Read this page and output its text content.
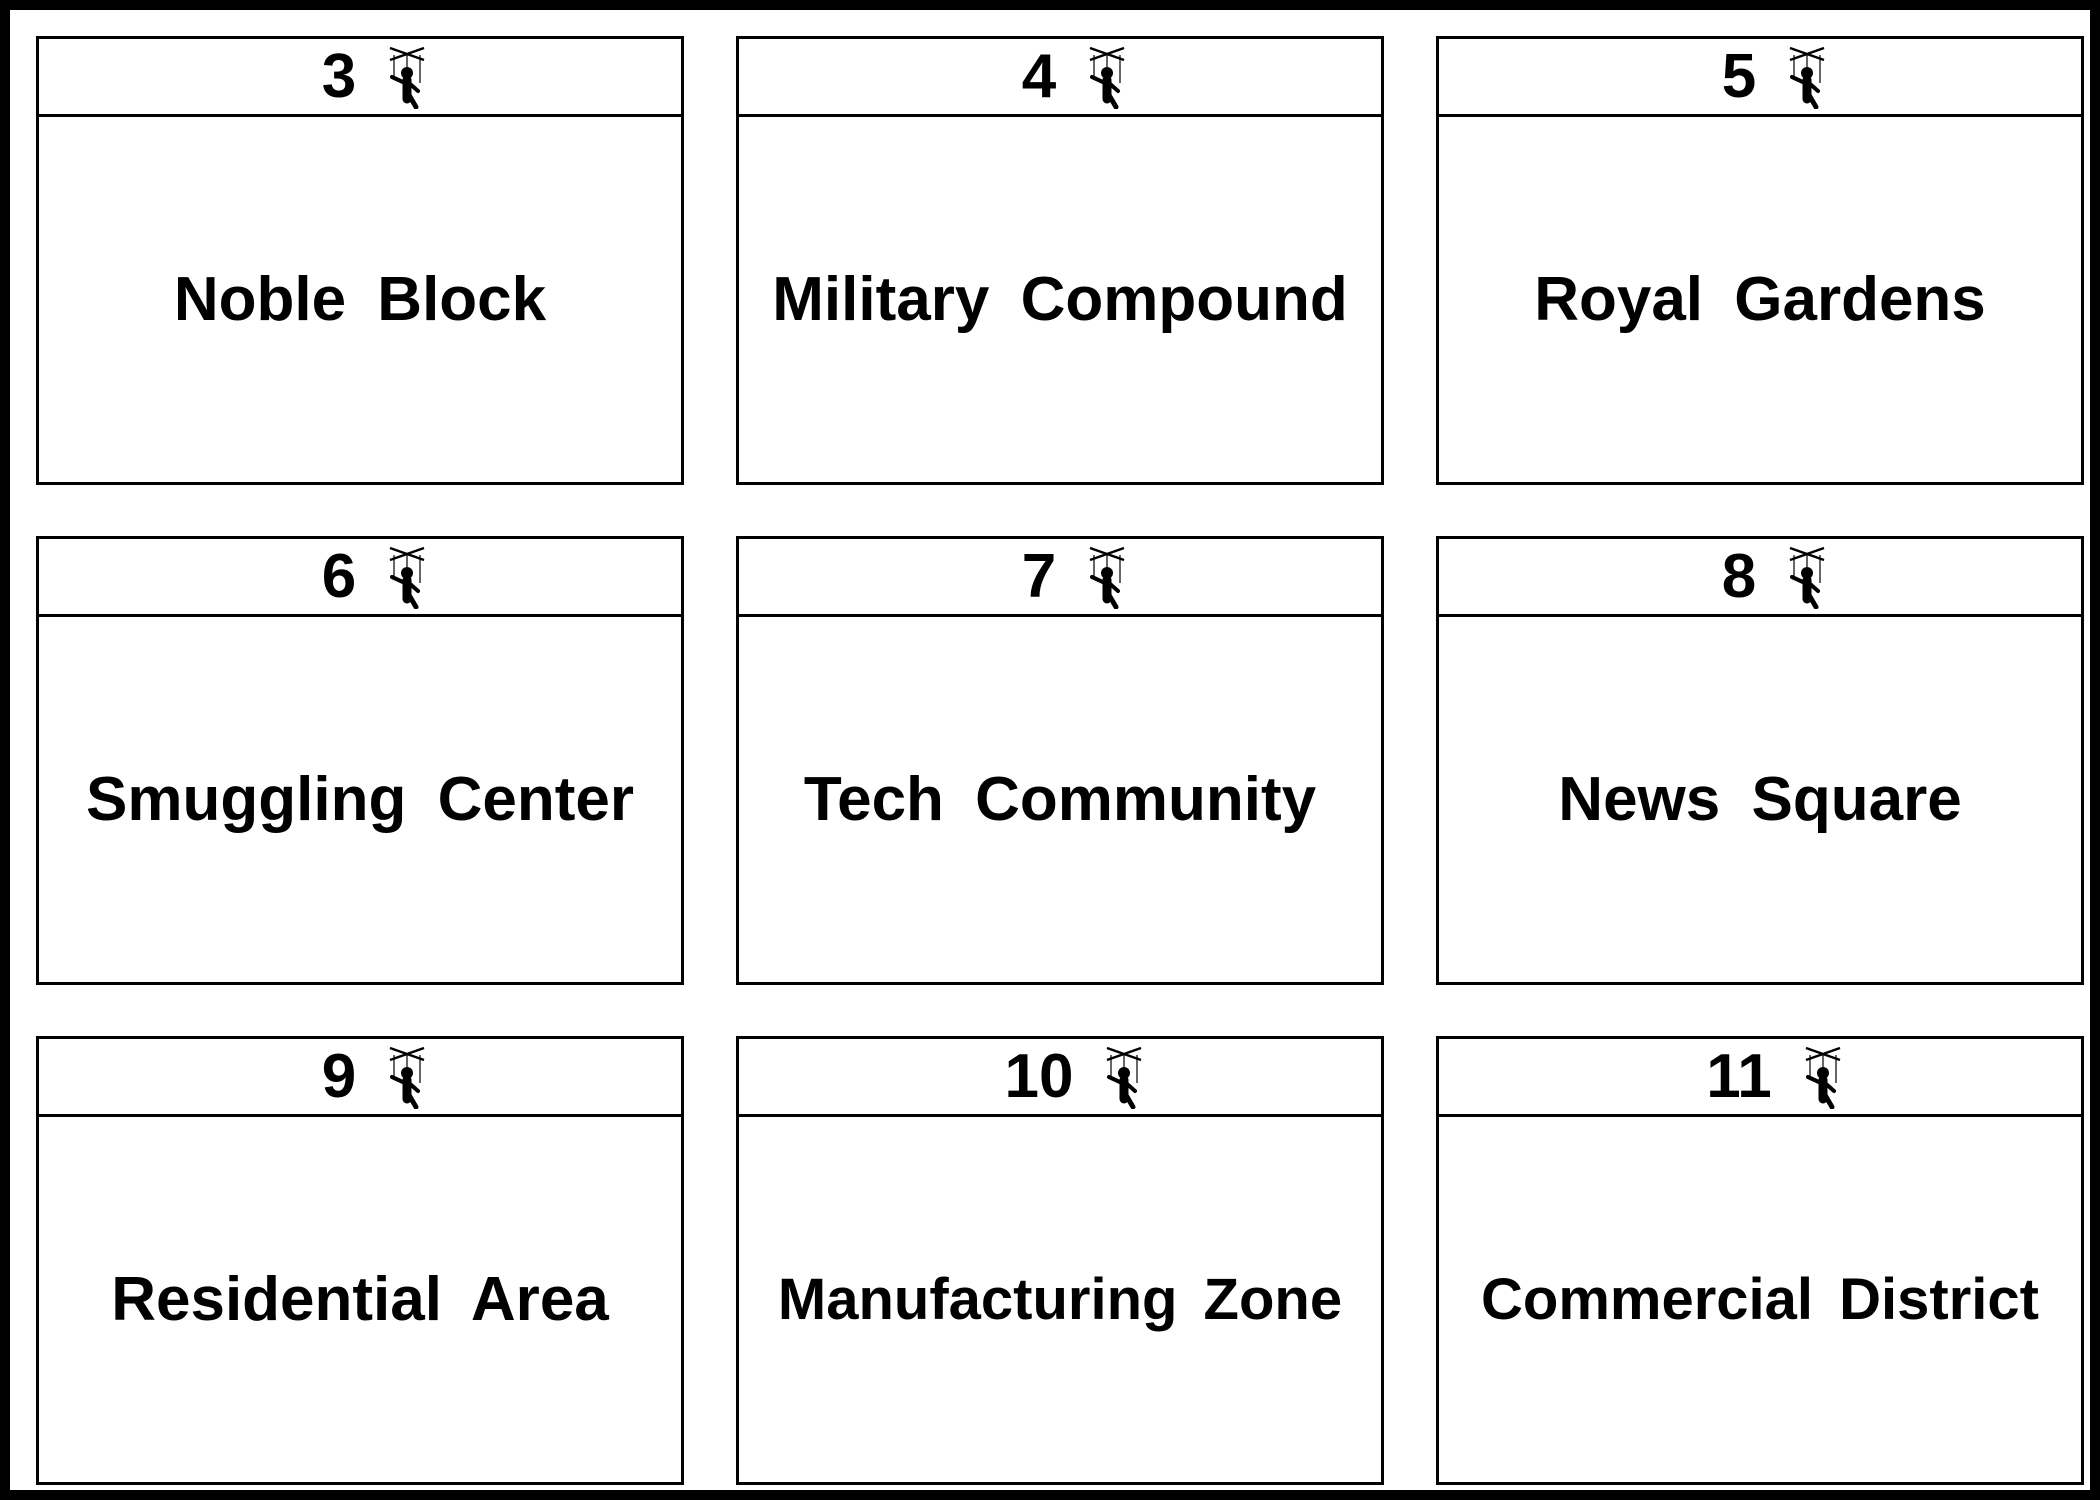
3
Noble Block
4
Military Compound
5
Royal Gardens
6
Smuggling Center
7
Tech Community
8
News Square
9
Residential Area
10
Manufacturing Zone
11
Commercial District
